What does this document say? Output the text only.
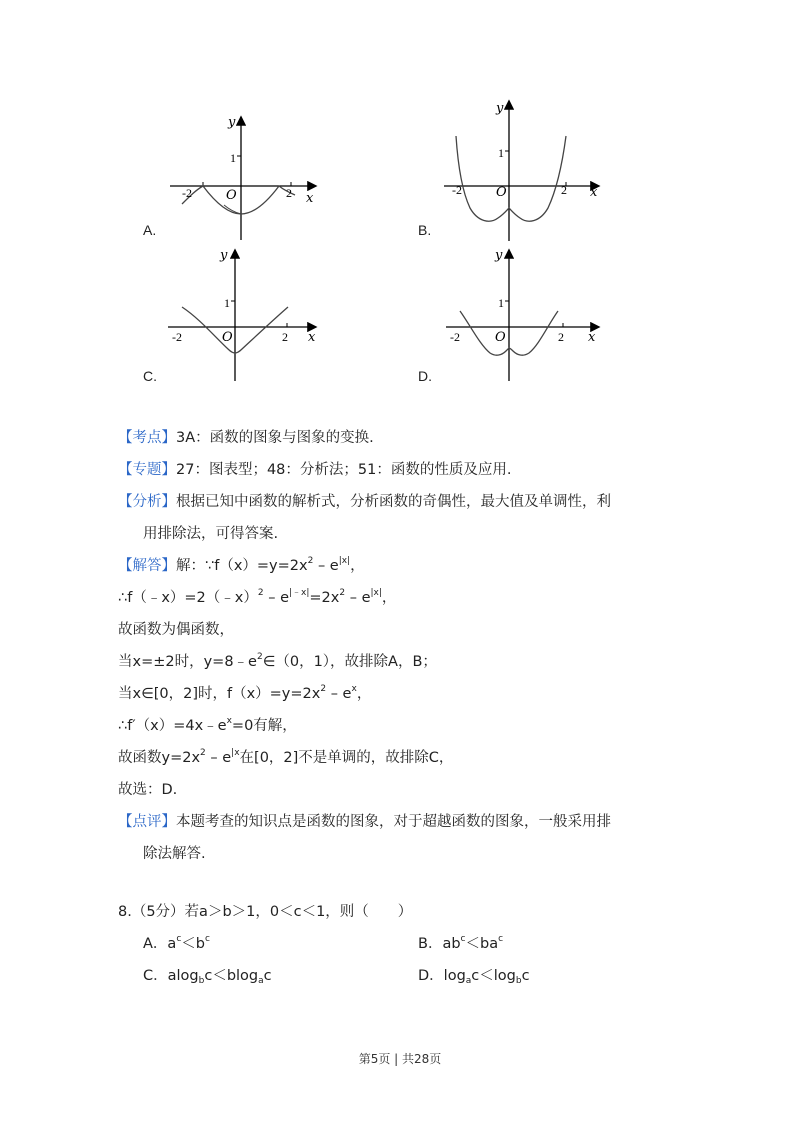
y
1
-2	O	2 x
A.
y
1
-2	O	2 x
B.
y
1
-2	O	2 x
C.
y
1
-2	O	2 x
D.
【考点】3A：函数的图象与图象的变换.
【专题】27：图表型；48：分析法；51：函数的性质及应用.
【分析】根据已知中函数的解析式，分析函数的奇偶性，最大值及单调性，利
用排除法，可得答案.
【解答】解：$\because f(x)=y=2x^2 - e^{|x|}$，
∴f（﹣x）=2（﹣x）$^2$ – $e^{|﹣x|}=2x^2 - e^{|x|}$，
故函数为偶函数，
当x=±2时，$y=8﹣e^2\in(0$，1），故排除A，B；
当x∈[0，2]时，$f(x)=y=2x^2 - e^x$，
$\therefore f'(x)=4x﹣e^x=0$有解，
故函数$y=2x^2 - e^{|x}$在[0，2]不是单调的，故排除C，
故选：D.
【点评】本题考查的知识点是函数的图象，对于超越函数的图象，一般采用排
除法解答.
8.（5分）若a＞b＞1，0＜c＜1，则（　　）
A．$a^c<b^c$	B．$ab^c<ba^c$
C．alog$_b$c＜blog$_a$c	D．$\log_ac<\log_bc$
第5页 | 共28页
